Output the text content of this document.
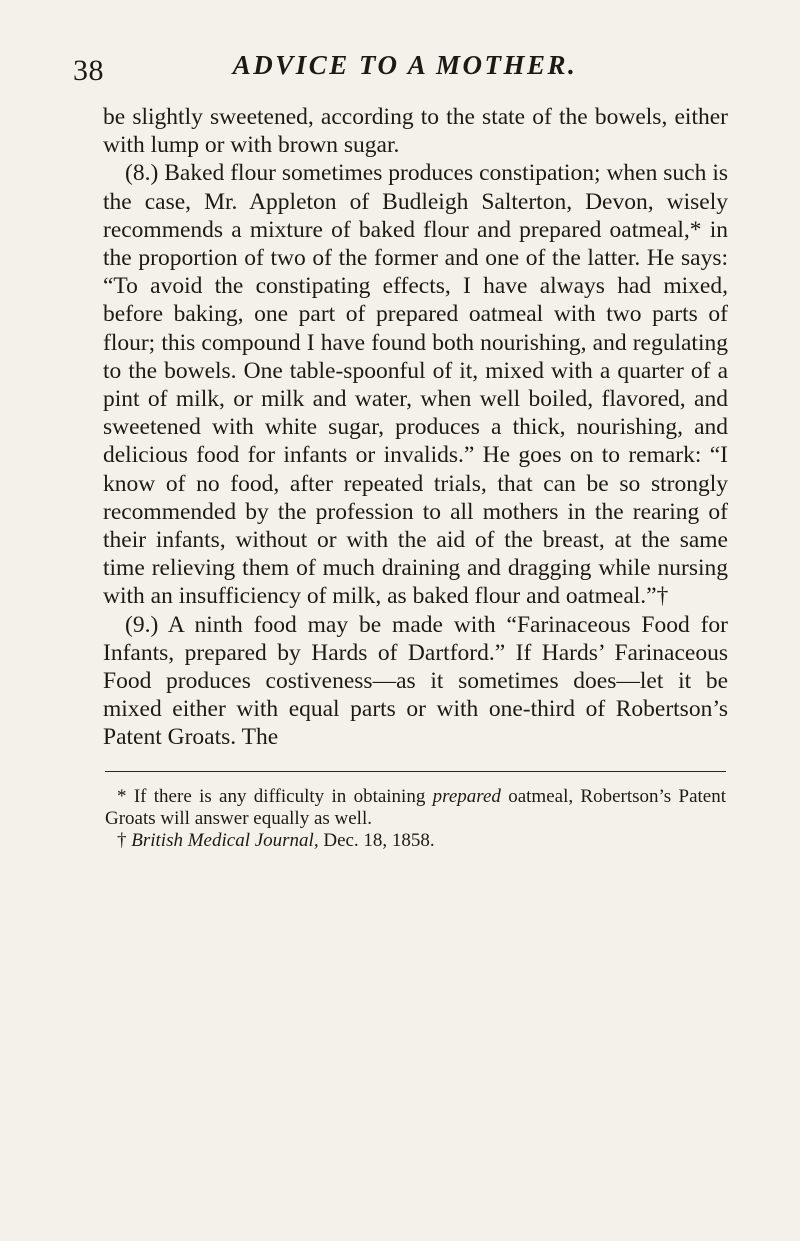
38	ADVICE TO A MOTHER.

be slightly sweetened, according to the state of the bowels, either with lump or with brown sugar.

(8.) Baked flour sometimes produces constipation; when such is the case, Mr. Appleton of Budleigh Salterton, Devon, wisely recommends a mixture of baked flour and prepared oatmeal,* in the proportion of two of the former and one of the latter. He says: “To avoid the constipating effects, I have always had mixed, before baking, one part of prepared oatmeal with two parts of flour; this compound I have found both nourishing, and regulating to the bowels. One table-spoonful of it, mixed with a quarter of a pint of milk, or milk and water, when well boiled, flavored, and sweetened with white sugar, produces a thick, nourishing, and delicious food for infants or invalids.” He goes on to remark: “I know of no food, after repeated trials, that can be so strongly recommended by the profession to all mothers in the rearing of their infants, without or with the aid of the breast, at the same time relieving them of much draining and dragging while nursing with an insufficiency of milk, as baked flour and oatmeal.”†

(9.) A ninth food may be made with “Farinaceous Food for Infants, prepared by Hards of Dartford.” If Hards’ Farinaceous Food produces costiveness—as it sometimes does—let it be mixed either with equal parts or with one-third of Robertson’s Patent Groats. The

* If there is any difficulty in obtaining prepared oatmeal, Robertson’s Patent Groats will answer equally as well.

† British Medical Journal, Dec. 18, 1858.
